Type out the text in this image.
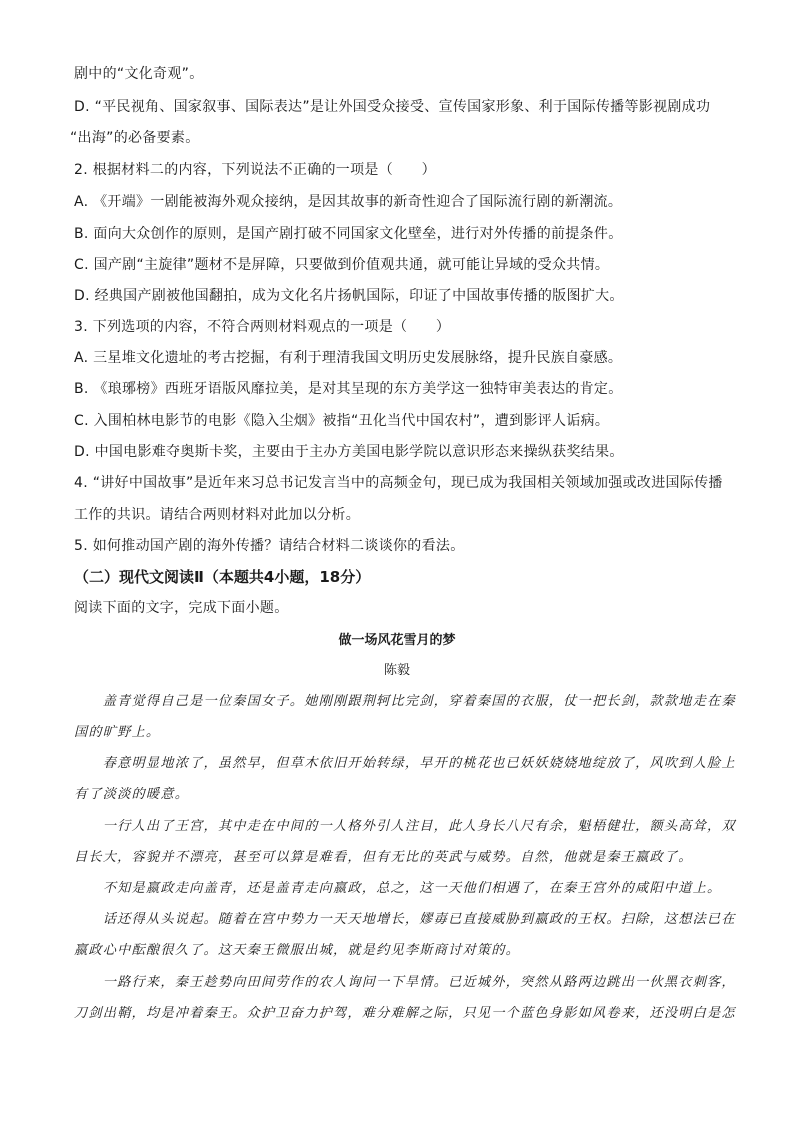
剧中的“文化奇观”。
D. “平民视角、国家叙事、国际表达”是让外国受众接受、宣传国家形象、利于国际传播等影视剧成功
“出海”的必备要素。
2. 根据材料二的内容，下列说法不正确的一项是（　　）
A. 《开端》一剧能被海外观众接纳，是因其故事的新奇性迎合了国际流行剧的新潮流。
B. 面向大众创作的原则，是国产剧打破不同国家文化壁垒，进行对外传播的前提条件。
C. 国产剧“主旋律”题材不是屏障，只要做到价值观共通，就可能让异域的受众共情。
D. 经典国产剧被他国翻拍，成为文化名片扬帆国际，印证了中国故事传播的版图扩大。
3. 下列选项的内容，不符合两则材料观点的一项是（　　）
A. 三星堆文化遗址的考古挖掘，有利于理清我国文明历史发展脉络，提升民族自豪感。
B. 《琅琊榜》西班牙语版风靡拉美，是对其呈现的东方美学这一独特审美表达的肯定。
C. 入围柏林电影节的电影《隐入尘烟》被指“丑化当代中国农村”，遭到影评人诟病。
D. 中国电影难夺奥斯卡奖，主要由于主办方美国电影学院以意识形态来操纵获奖结果。
4. “讲好中国故事”是近年来习总书记发言当中的高频金句，现已成为我国相关领域加强或改进国际传播
工作的共识。请结合两则材料对此加以分析。
5. 如何推动国产剧的海外传播？请结合材料二谈谈你的看法。
（二）现代文阅读Ⅱ（本题共4小题，18分）
阅读下面的文字，完成下面小题。
做一场风花雪月的梦
陈毅
　　盖青觉得自己是一位秦国女子。她刚刚跟荆轲比完剑，穿着秦国的衣服，仗一把长剑，款款地走在秦
国的旷野上。
　　春意明显地浓了，虽然早，但草木依旧开始转绿，早开的桃花也已妖妖娆娆地绽放了，风吹到人脸上
有了淡淡的暖意。
　　一行人出了王宫，其中走在中间的一人格外引人注目，此人身长八尺有余，魁梧健壮，额头高耸，双
目长大，容貌并不漂亮，甚至可以算是难看，但有无比的英武与威势。自然，他就是秦王嬴政了。
　　不知是嬴政走向盖青，还是盖青走向嬴政，总之，这一天他们相遇了，在秦王宫外的咸阳中道上。
　　话还得从头说起。随着在宫中势力一天天地增长，嫪毐已直接威胁到嬴政的王权。扫除，这想法已在
嬴政心中酝酿很久了。这天秦王微服出城，就是约见李斯商讨对策的。
　　一路行来，秦王趁势向田间劳作的农人询问一下旱情。已近城外，突然从路两边跳出一伙黑衣刺客，
刀剑出鞘，均是冲着秦王。众护卫奋力护驾，难分难解之际，只见一个蓝色身影如风卷来，还没明白是怎
